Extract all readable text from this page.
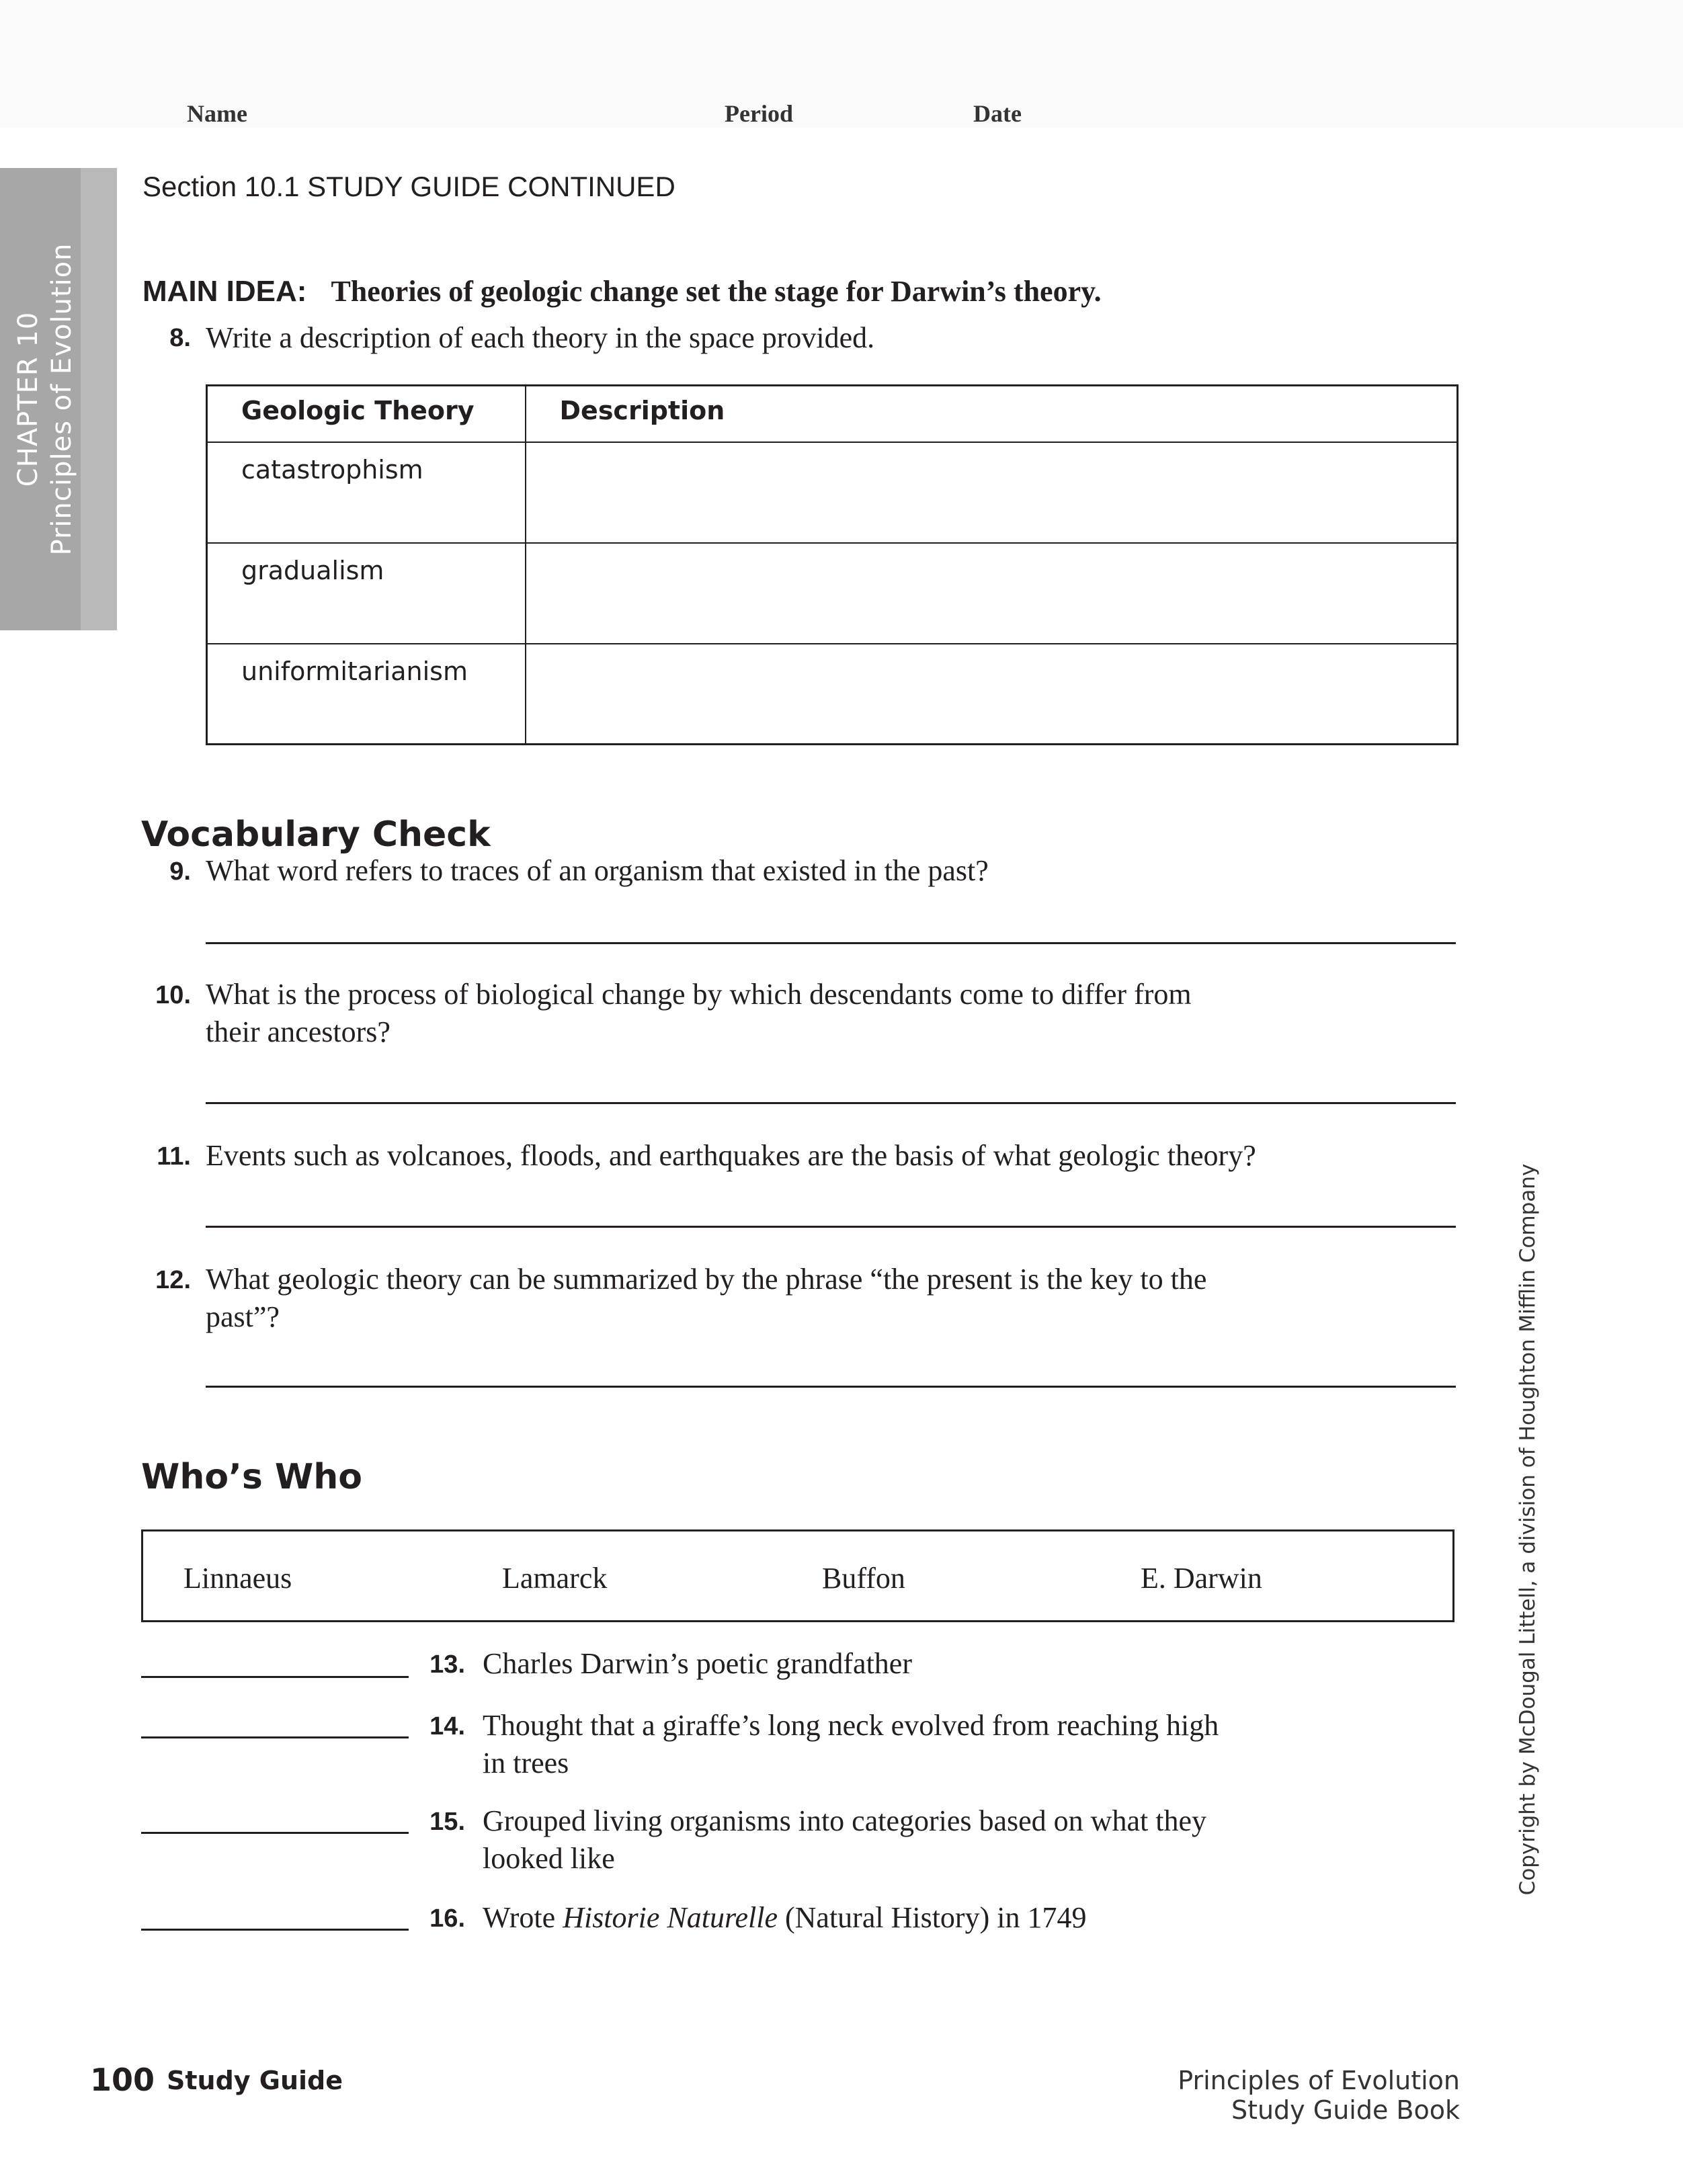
Name	Period	Date
CHAPTER 10 Principles of Evolution
Section 10.1 STUDY GUIDE CONTINUED
MAIN IDEA: Theories of geologic change set the stage for Darwin’s theory.
8. Write a description of each theory in the space provided.
Geologic Theory	Description
catastrophism	
gradualism	
uniformitarianism	
Vocabulary Check
9. What word refers to traces of an organism that existed in the past?
10. What is the process of biological change by which descendants come to differ from
their ancestors?
11. Events such as volcanoes, floods, and earthquakes are the basis of what geologic theory?
12. What geologic theory can be summarized by the phrase “the present is the key to the
past”?
Who’s Who
Linnaeus	Lamarck	Buffon	E. Darwin
13. Charles Darwin’s poetic grandfather
14. Thought that a giraffe’s long neck evolved from reaching high
in trees
15. Grouped living organisms into categories based on what they
looked like
16. Wrote Historie Naturelle (Natural History) in 1749
Copyright by McDougal Littell, a division of Houghton Mifflin Company
100 Study Guide	Principles of Evolution
Study Guide Book
